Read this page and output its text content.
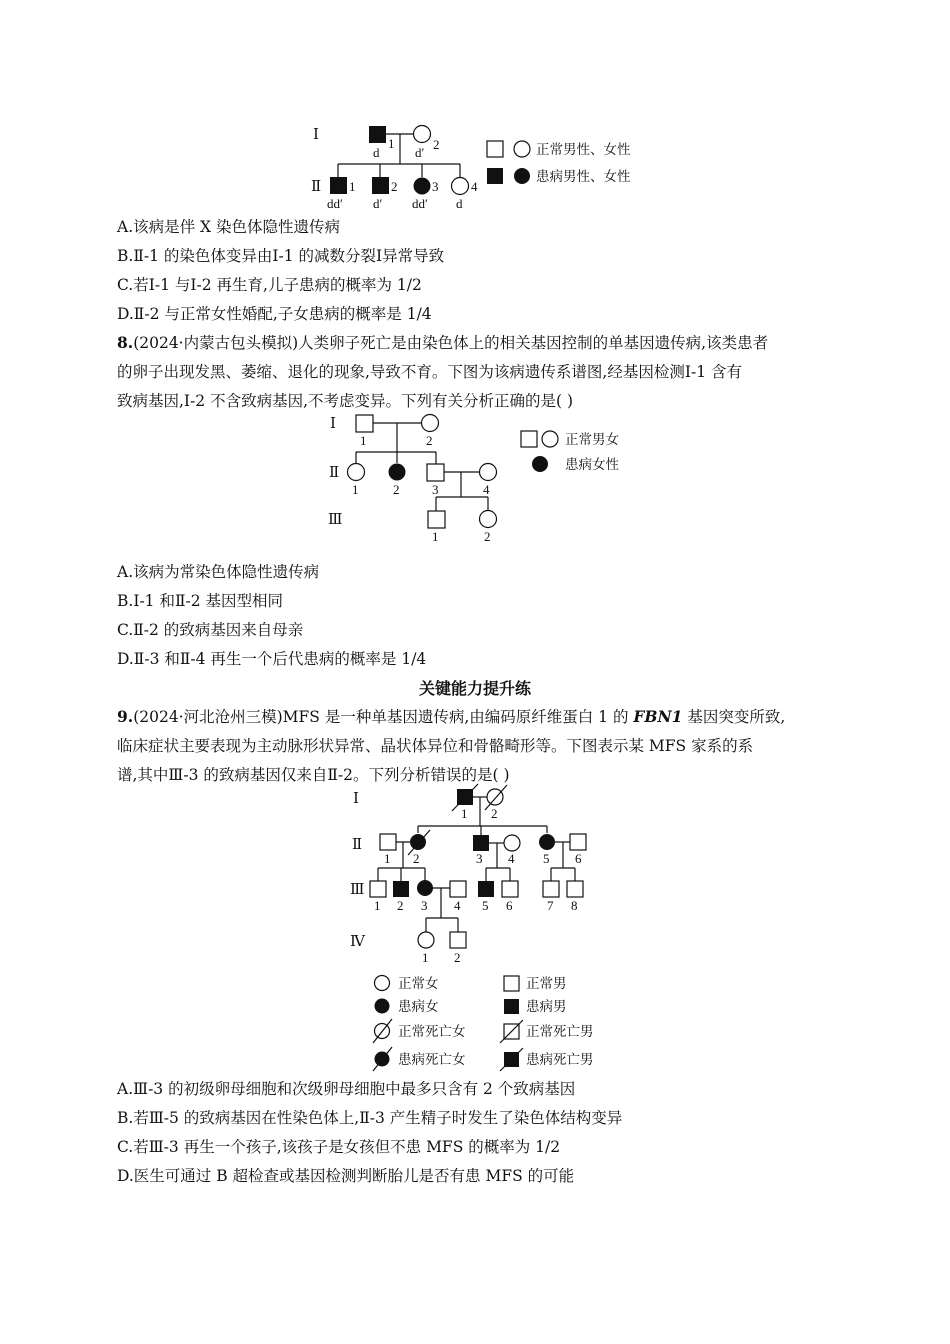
Ⅰ
Ⅱ
d
1
d′
2
1
dd′
2
d′
3
dd′
4
d
正常男性、女性
患病男性、女性
A.该病是伴 X 染色体隐性遗传病
B.Ⅱ-1 的染色体变异由Ⅰ-1 的减数分裂Ⅰ异常导致
C.若Ⅰ-1 与Ⅰ-2 再生育,儿子患病的概率为 1/2
D.Ⅱ-2 与正常女性婚配,子女患病的概率是 1/4
8.(2024·内蒙古包头模拟)人类卵子死亡是由染色体上的相关基因控制的单基因遗传病,该类患者
的卵子出现发黑、萎缩、退化的现象,导致不育。下图为该病遗传系谱图,经基因检测Ⅰ-1 含有
致病基因,Ⅰ-2 不含致病基因,不考虑变异。下列有关分析正确的是( )
Ⅰ
Ⅱ
Ⅲ
1	2
1	2	3	4
1	2
正常男女
患病女性
A.该病为常染色体隐性遗传病
B.Ⅰ-1 和Ⅱ-2 基因型相同
C.Ⅱ-2 的致病基因来自母亲
D.Ⅱ-3 和Ⅱ-4 再生一个后代患病的概率是 1/4
关键能力提升练
9.(2024·河北沧州三模)MFS 是一种单基因遗传病,由编码原纤维蛋白 1 的 FBN1 基因突变所致,
临床症状主要表现为主动脉形状异常、晶状体异位和骨骼畸形等。下图表示某 MFS 家系的系
谱,其中Ⅲ-3 的致病基因仅来自Ⅱ-2。下列分析错误的是( )
Ⅰ
Ⅱ
Ⅲ
Ⅳ
1 2
1 2	3 4 5 6
1 2 3 4 5 6	7 8
1 2
正常女	正常男
患病女	患病男
正常死亡女	正常死亡男
患病死亡女	患病死亡男
A.Ⅲ-3 的初级卵母细胞和次级卵母细胞中最多只含有 2 个致病基因
B.若Ⅲ-5 的致病基因在性染色体上,Ⅱ-3 产生精子时发生了染色体结构变异
C.若Ⅲ-3 再生一个孩子,该孩子是女孩但不患 MFS 的概率为 1/2
D.医生可通过 B 超检查或基因检测判断胎儿是否有患 MFS 的可能
